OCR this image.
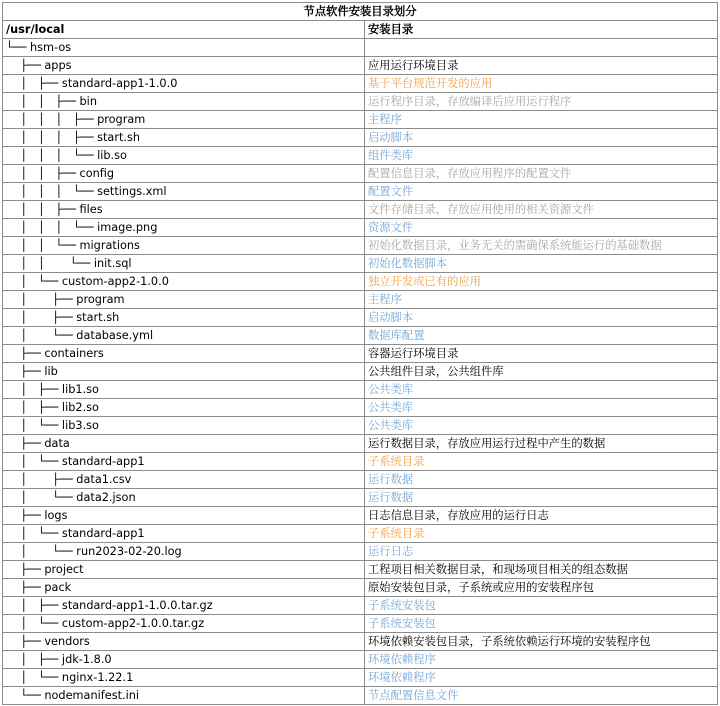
节点软件安装目录划分	
/usr/local	安装目录
└── hsm-os	
├── apps	应用运行环境目录
│   ├── standard-app1-1.0.0	基于平台规范开发的应用
│   │   ├── bin	运行程序目录，存放编译后应用运行程序
│   │   │   ├── program	主程序
│   │   │   ├── start.sh	启动脚本
│   │   │   └── lib.so	组件类库
│   │   ├── config	配置信息目录，存放应用程序的配置文件
│   │   │   └── settings.xml	配置文件
│   │   ├── files	文件存储目录，存放应用使用的相关资源文件
│   │   │   └── image.png	资源文件
│   │   └── migrations	初始化数据目录，业务无关的需确保系统能运行的基础数据
│   │       └── init.sql	初始化数据脚本
│   └── custom-app2-1.0.0	独立开发或已有的应用
│       ├── program	主程序
│       ├── start.sh	启动脚本
│       └── database.yml	数据库配置
├── containers	容器运行环境目录
├── lib	公共组件目录，公共组件库
│   ├── lib1.so	公共类库
│   ├── lib2.so	公共类库
│   └── lib3.so	公共类库
├── data	运行数据目录，存放应用运行过程中产生的数据
│   └── standard-app1	子系统目录
│       ├── data1.csv	运行数据
│       └── data2.json	运行数据
├── logs	日志信息目录，存放应用的运行日志
│   └── standard-app1	子系统目录
│       └── run2023-02-20.log	运行日志
├── project	工程项目相关数据目录，和现场项目相关的组态数据
├── pack	原始安装包目录，子系统或应用的安装程序包
│   ├── standard-app1-1.0.0.tar.gz	子系统安装包
│   └── custom-app2-1.0.0.tar.gz	子系统安装包
├── vendors	环境依赖安装包目录，子系统依赖运行环境的安装程序包
│   ├── jdk-1.8.0	环境依赖程序
│   └── nginx-1.22.1	环境依赖程序
└── nodemanifest.ini	节点配置信息文件
